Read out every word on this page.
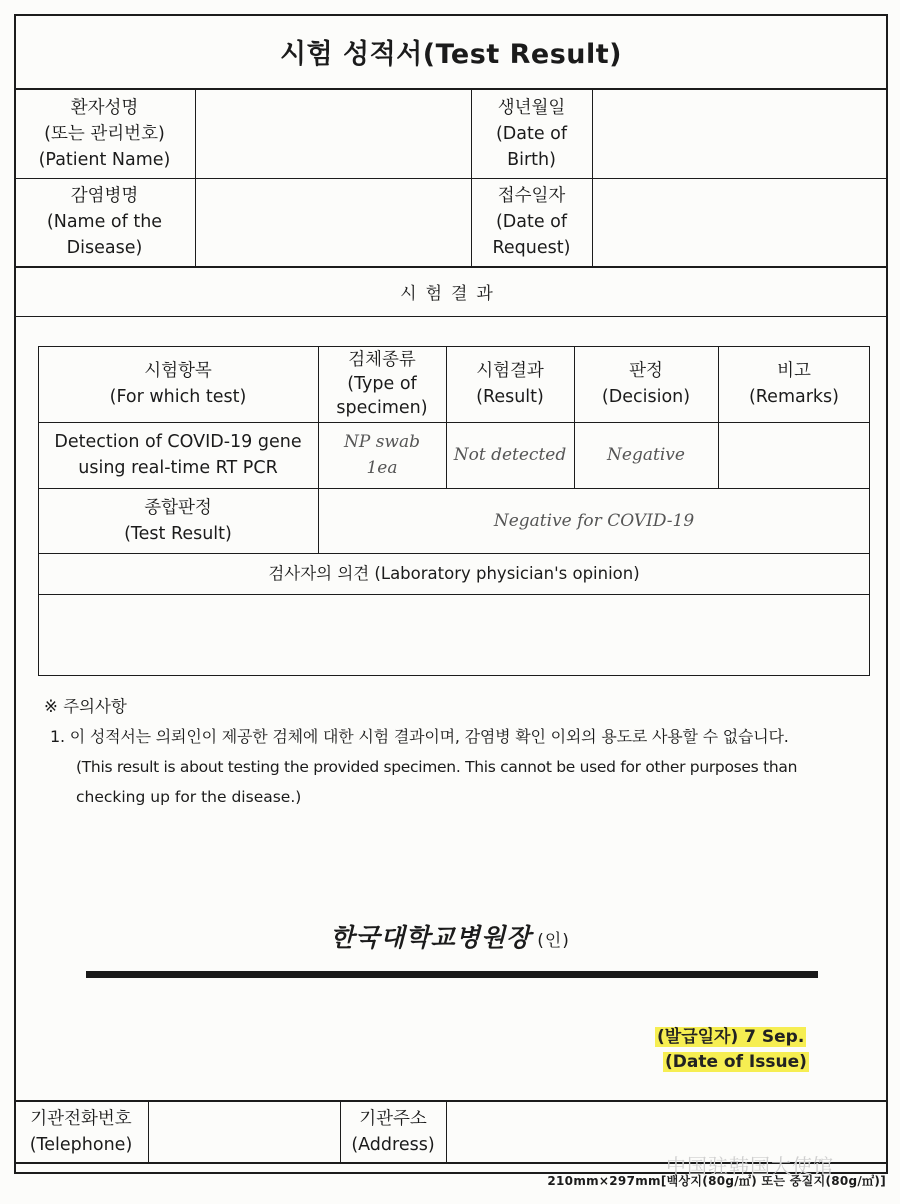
시험 성적서(Test Result)
환자성명
(또는 관리번호)
(Patient Name)
생년월일
(Date of
Birth)
감염병명
(Name of the
Disease)
접수일자
(Date of
Request)
시험결과
시험항목
(For which test)
검체종류
(Type of
specimen)
시험결과
(Result)
판정
(Decision)
비고
(Remarks)
Detection of COVID-19 gene
using real-time RT PCR
NP swab
1ea
Not detected Negative
종합판정
(Test Result)
Negative for COVID-19
검사자의 의견 (Laboratory physician's opinion)
※ 주의사항
1. 이 성적서는 의뢰인이 제공한 검체에 대한 시험 결과이며, 감염병 확인 이외의 용도로 사용할 수 없습니다.
(This result is about testing the provided specimen. This cannot be used for other purposes than
checking up for the disease.)
한국대학교병원장 (인)
(발급일자) 7 Sep.
(Date of Issue)
기관전화번호
(Telephone)
기관주소
(Address)
中国驻韩国大使馆
210mm×297mm[백상지(80g/㎡) 또는 중질지(80g/㎡)]
